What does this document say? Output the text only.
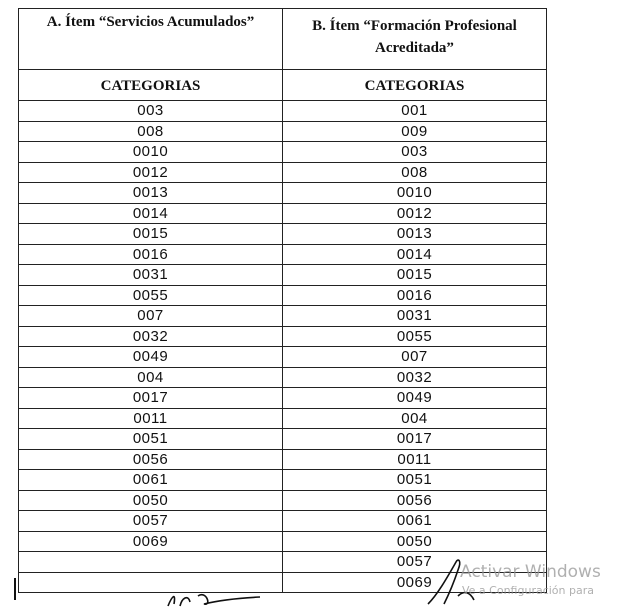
A. Ítem “Servicios Acumulados”	B. Ítem “Formación Profesional Acreditada”
CATEGORIAS	CATEGORIAS
003	001
008	009
0010	003
0012	008
0013	0010
0014	0012
0015	0013
0016	0014
0031	0015
0055	0016
007	0031
0032	0055
0049	007
004	0032
0017	0049
0011	004
0051	0017
0056	0011
0061	0051
0050	0056
0057	0061
0069	0050
	0057
	0069
Activar Windows
Ve a Configuración para
